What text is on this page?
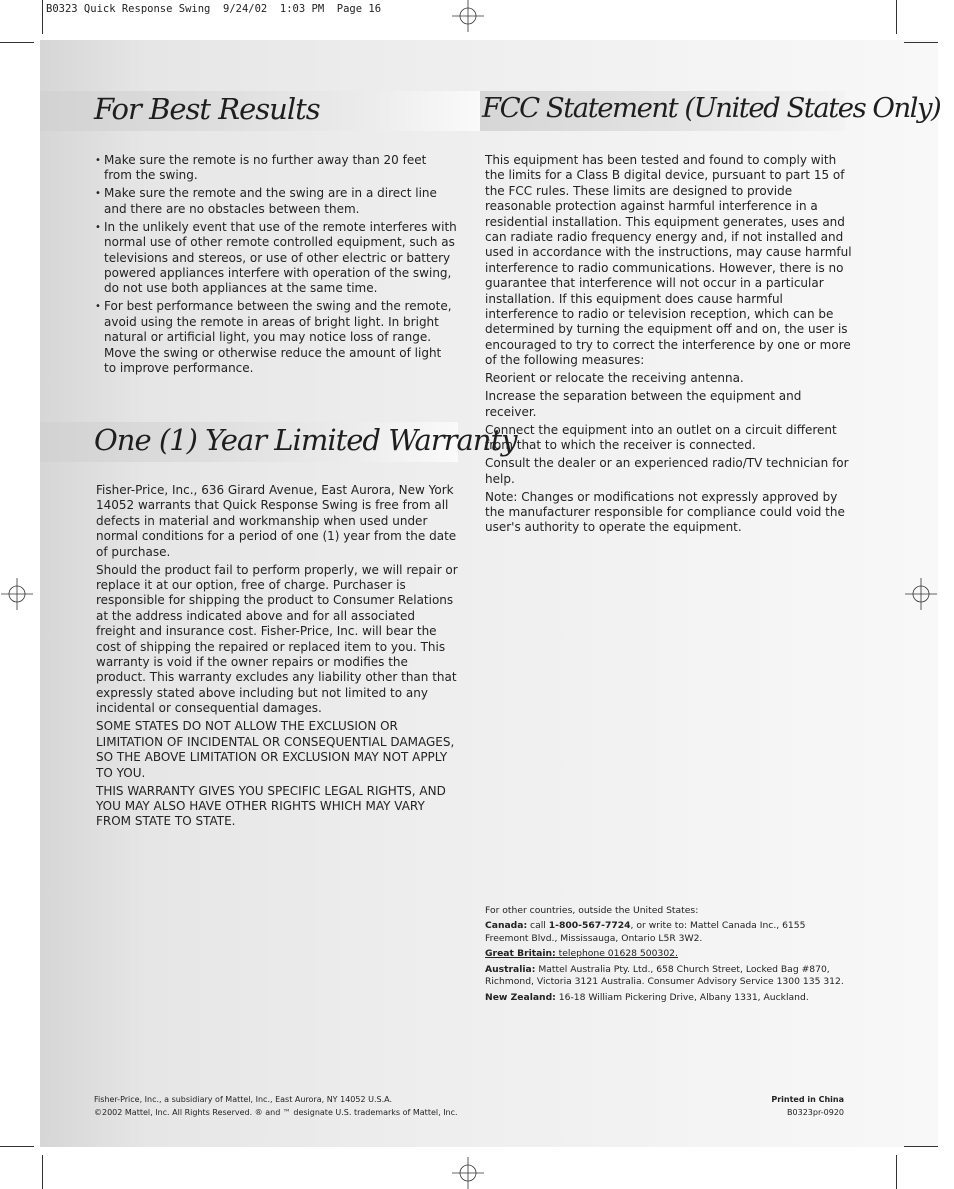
B0323 Quick Response Swing  9/24/02  1:03 PM  Page 16
For Best Results	FCC Statement (United States Only)
One (1) Year Limited Warranty
• Make sure the remote is no further away than 20 feet from the swing.
• Make sure the remote and the swing are in a direct line and there are no obstacles between them.
• In the unlikely event that use of the remote interferes with normal use of other remote controlled equipment, such as televisions and stereos, or use of other electric or battery powered appliances interfere with operation of the swing, do not use both appliances at the same time.
• For best performance between the swing and the remote, avoid using the remote in areas of bright light. In bright natural or artificial light, you may notice loss of range. Move the swing or otherwise reduce the amount of light to improve performance.

Fisher-Price, Inc., 636 Girard Avenue, East Aurora, New York 14052 warrants that Quick Response Swing is free from all defects in material and workmanship when used under normal conditions for a period of one (1) year from the date of purchase.

Should the product fail to perform properly, we will repair or replace it at our option, free of charge. Purchaser is responsible for shipping the product to Consumer Relations at the address indicated above and for all associated freight and insurance cost. Fisher-Price, Inc. will bear the cost of shipping the repaired or replaced item to you. This warranty is void if the owner repairs or modifies the product. This warranty excludes any liability other than that expressly stated above including but not limited to any incidental or consequential damages.

SOME STATES DO NOT ALLOW THE EXCLUSION OR LIMITATION OF INCIDENTAL OR CONSEQUENTIAL DAMAGES, SO THE ABOVE LIMITATION OR EXCLUSION MAY NOT APPLY TO YOU.

THIS WARRANTY GIVES YOU SPECIFIC LEGAL RIGHTS, AND YOU MAY ALSO HAVE OTHER RIGHTS WHICH MAY VARY FROM STATE TO STATE.

This equipment has been tested and found to comply with the limits for a Class B digital device, pursuant to part 15 of the FCC rules. These limits are designed to provide reasonable protection against harmful interference in a residential installation. This equipment generates, uses and can radiate radio frequency energy and, if not installed and used in accordance with the instructions, may cause harmful interference to radio communications. However, there is no guarantee that interference will not occur in a particular installation. If this equipment does cause harmful interference to radio or television reception, which can be determined by turning the equipment off and on, the user is encouraged to try to correct the interference by one or more of the following measures:

Reorient or relocate the receiving antenna.

Increase the separation between the equipment and receiver.

Connect the equipment into an outlet on a circuit different from that to which the receiver is connected.

Consult the dealer or an experienced radio/TV technician for help.

Note: Changes or modifications not expressly approved by the manufacturer responsible for compliance could void the user's authority to operate the equipment.

For other countries, outside the United States:

Canada: call 1-800-567-7724, or write to: Mattel Canada Inc., 6155 Freemont Blvd., Mississauga, Ontario L5R 3W2.

Great Britain: telephone 01628 500302.

Australia: Mattel Australia Pty. Ltd., 658 Church Street, Locked Bag #870, Richmond, Victoria 3121 Australia. Consumer Advisory Service 1300 135 312.

New Zealand: 16-18 William Pickering Drive, Albany 1331, Auckland.

Fisher-Price, Inc., a subsidiary of Mattel, Inc., East Aurora, NY 14052 U.S.A.
©2002 Mattel, Inc. All Rights Reserved. ® and ™ designate U.S. trademarks of Mattel, Inc.
Printed in China
B0323pr-0920
